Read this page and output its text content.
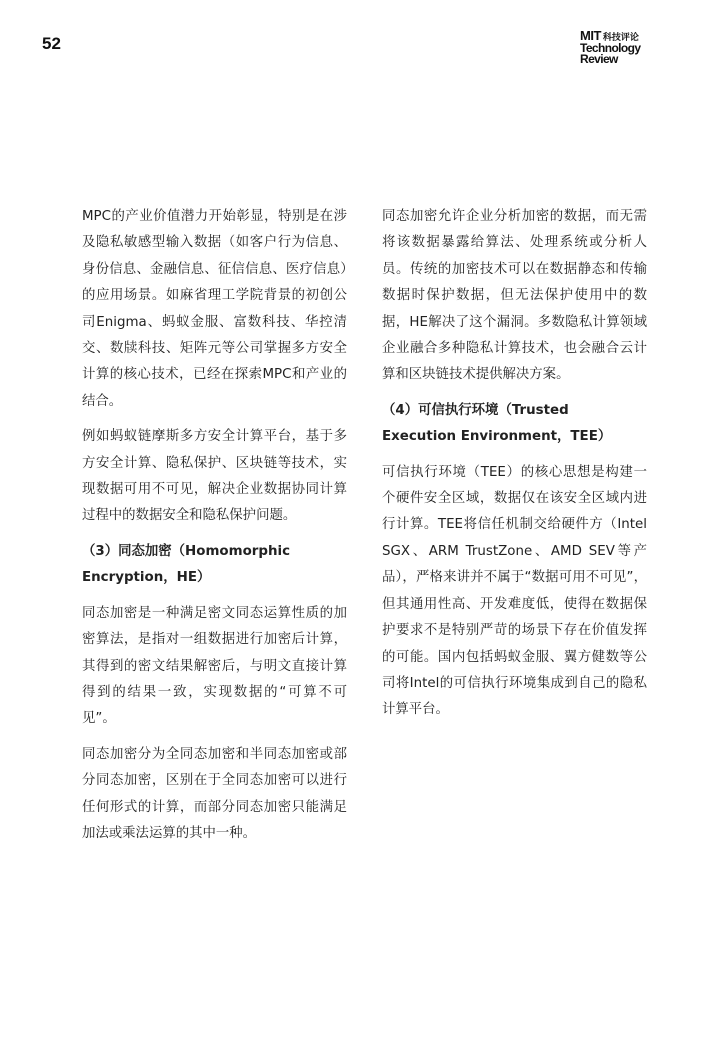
52	MIT 科技评论
Technology
Review

MPC的产业价值潜力开始彰显，特别是在涉及隐私敏感型输入数据（如客户行为信息、身份信息、金融信息、征信信息、医疗信息）的应用场景。如麻省理工学院背景的初创公司Enigma、蚂蚁金服、富数科技、华控清交、数牍科技、矩阵元等公司掌握多方安全计算的核心技术，已经在探索MPC和产业的结合。

例如蚂蚁链摩斯多方安全计算平台，基于多方安全计算、隐私保护、区块链等技术，实现数据可用不可见，解决企业数据协同计算过程中的数据安全和隐私保护问题。

（3）同态加密（Homomorphic Encryption，HE）

同态加密是一种满足密文同态运算性质的加密算法，是指对一组数据进行加密后计算，其得到的密文结果解密后，与明文直接计算得到的结果一致，实现数据的“可算不可见”。

同态加密分为全同态加密和半同态加密或部分同态加密，区别在于全同态加密可以进行任何形式的计算，而部分同态加密只能满足加法或乘法运算的其中一种。

同态加密允许企业分析加密的数据，而无需将该数据暴露给算法、处理系统或分析人员。传统的加密技术可以在数据静态和传输数据时保护数据，但无法保护使用中的数据，HE解决了这个漏洞。多数隐私计算领域企业融合多种隐私计算技术，也会融合云计算和区块链技术提供解决方案。

（4）可信执行环境（Trusted Execution Environment，TEE）

可信执行环境（TEE）的核心思想是构建一个硬件安全区域，数据仅在该安全区域内进行计算。TEE将信任机制交给硬件方（Intel SGX、ARM TrustZone、AMD SEV等产品），严格来讲并不属于“数据可用不可见”，但其通用性高、开发难度低，使得在数据保护要求不是特别严苛的场景下存在价值发挥的可能。国内包括蚂蚁金服、翼方健数等公司将Intel的可信执行环境集成到自己的隐私计算平台。
